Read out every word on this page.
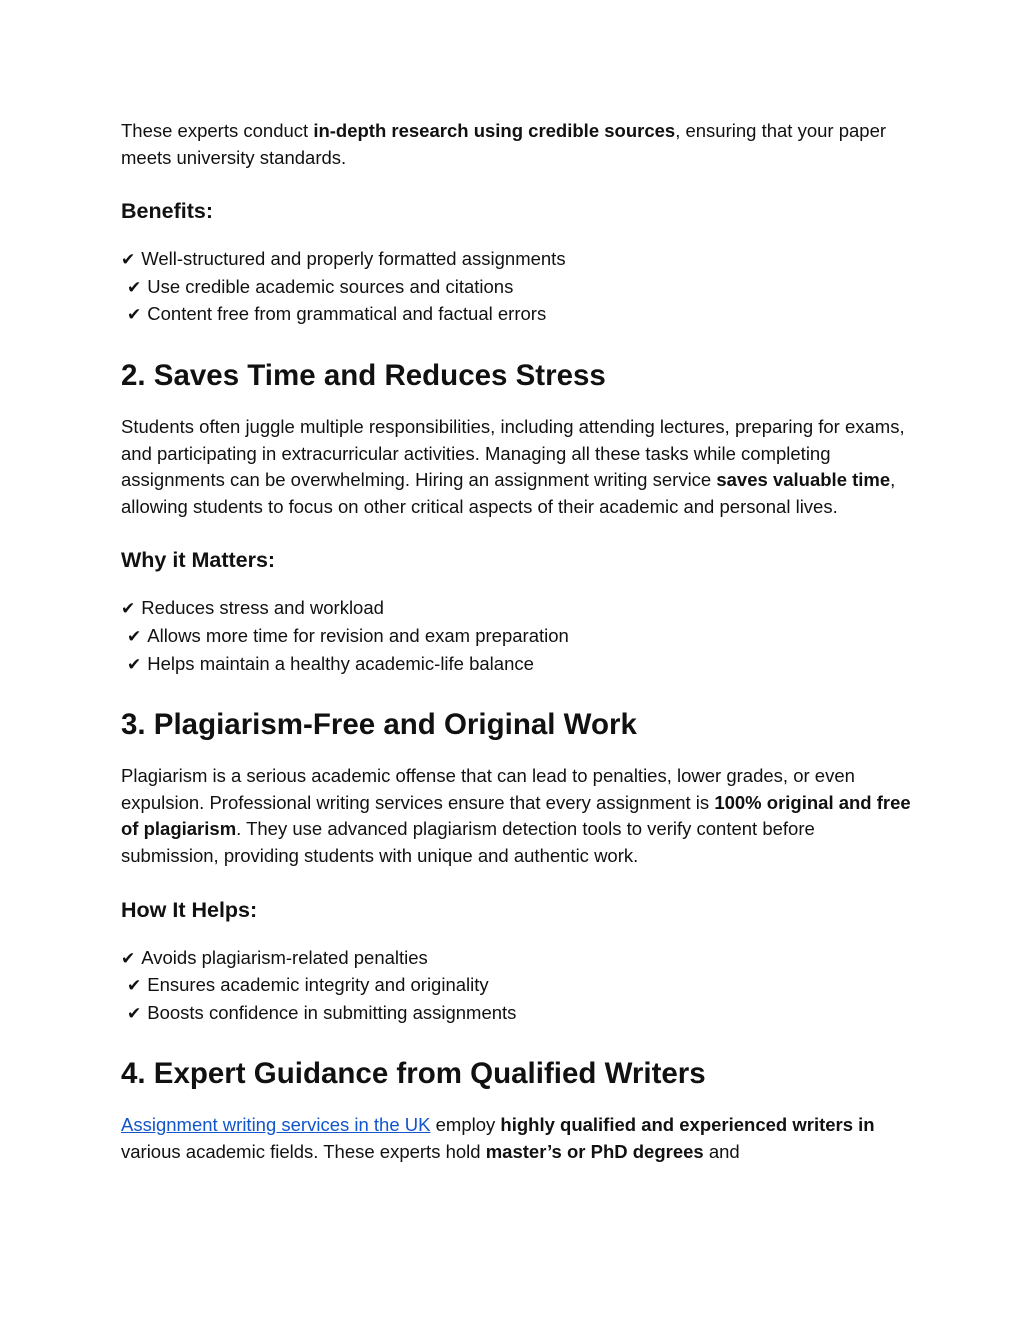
These experts conduct in-depth research using credible sources, ensuring that your paper meets university standards.

Benefits:
✔ Well-structured and properly formatted assignments
✔ Use credible academic sources and citations
✔ Content free from grammatical and factual errors
2. Saves Time and Reduces Stress

Students often juggle multiple responsibilities, including attending lectures, preparing for exams, and participating in extracurricular activities. Managing all these tasks while completing assignments can be overwhelming. Hiring an assignment writing service saves valuable time, allowing students to focus on other critical aspects of their academic and personal lives.

Why it Matters:
✔ Reduces stress and workload
✔ Allows more time for revision and exam preparation
✔ Helps maintain a healthy academic-life balance
3. Plagiarism-Free and Original Work

Plagiarism is a serious academic offense that can lead to penalties, lower grades, or even expulsion. Professional writing services ensure that every assignment is 100% original and free of plagiarism. They use advanced plagiarism detection tools to verify content before submission, providing students with unique and authentic work.

How It Helps:
✔ Avoids plagiarism-related penalties
✔ Ensures academic integrity and originality
✔ Boosts confidence in submitting assignments
4. Expert Guidance from Qualified Writers

Assignment writing services in the UK employ highly qualified and experienced writers in various academic fields. These experts hold master’s or PhD degrees and
